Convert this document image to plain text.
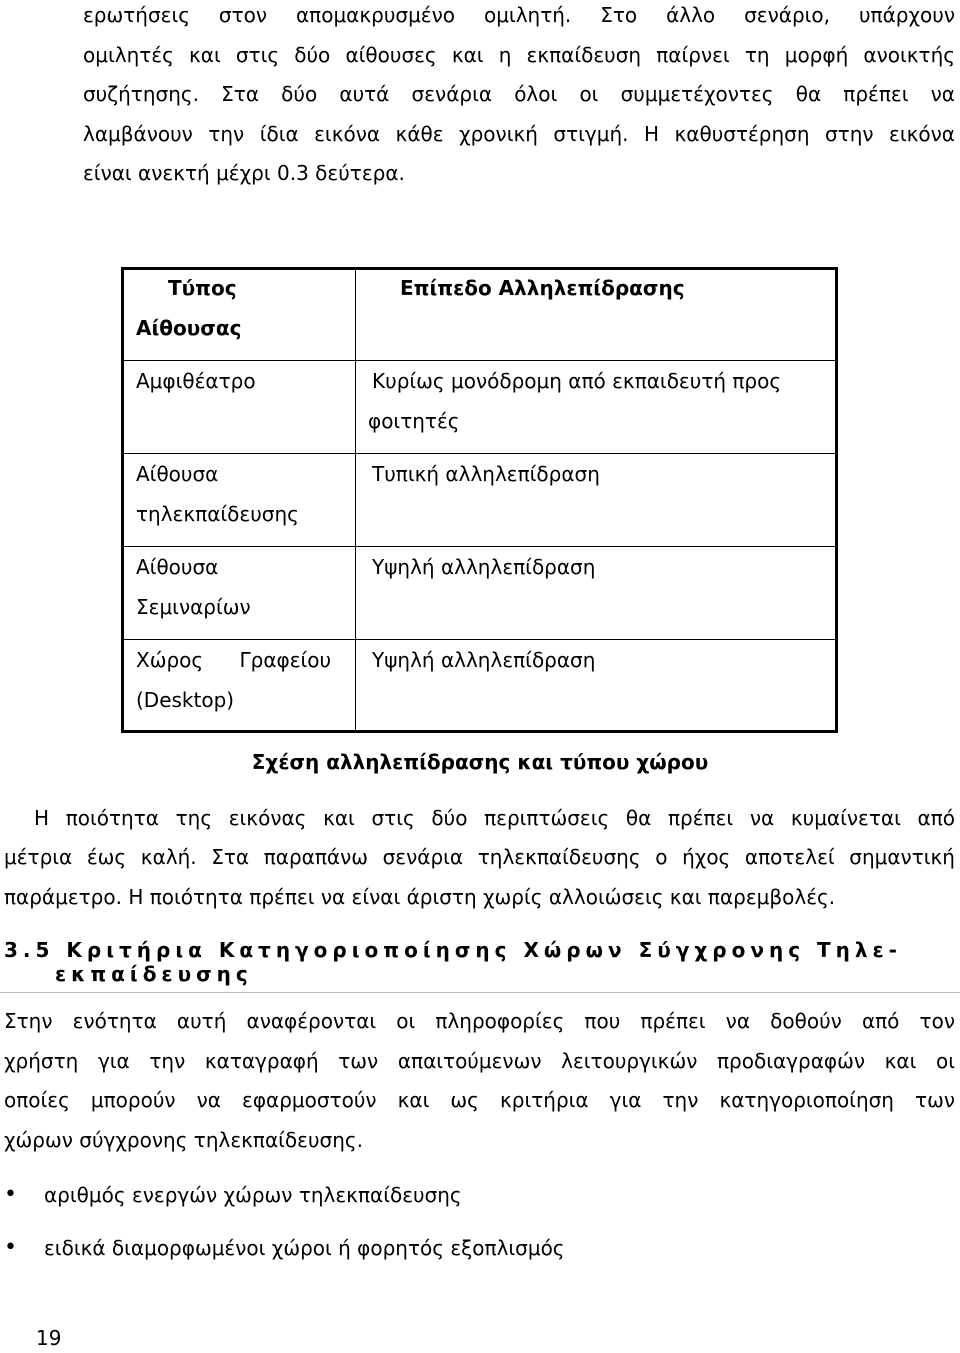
ερωτήσεις στον απομακρυσμένο ομιλητή. Στο άλλο σενάριο, υπάρχουν
ομιλητές και στις δύο αίθουσες και η εκπαίδευση παίρνει τη μορφή ανοικτής
συζήτησης. Στα δύο αυτά σενάρια όλοι οι συμμετέχοντες θα πρέπει να
λαμβάνουν την ίδια εικόνα κάθε χρονική στιγμή. Η καθυστέρηση στην εικόνα
είναι ανεκτή μέχρι 0.3 δεύτερα.
Τύπος
Αίθουσας	Επίπεδο Αλληλεπίδρασης

Αμφιθέατρο	Κυρίως μονόδρομη από εκπαιδευτή προς
φοιτητές

Αίθουσα
τηλεκπαίδευσης	Τυπική αλληλεπίδραση

Αίθουσα
Σεμιναρίων	Υψηλή αλληλεπίδραση

Χώρος Γραφείου
(Desktop)	Υψηλή αλληλεπίδραση
Σχέση αλληλεπίδρασης και τύπου χώρου
Η ποιότητα της εικόνας και στις δύο περιπτώσεις θα πρέπει να κυμαίνεται από
μέτρια έως καλή. Στα παραπάνω σενάρια τηλεκπαίδευσης ο ήχος αποτελεί σημαντική
παράμετρο. Η ποιότητα πρέπει να είναι άριστη χωρίς αλλοιώσεις και παρεμβολές.
3.5 Κριτήρια Κατηγοριοποίησης Χώρων Σύγχρονης Τηλε-
εκπαίδευσης
Στην ενότητα αυτή αναφέρονται οι πληροφορίες που πρέπει να δοθούν από τον
χρήστη για την καταγραφή των απαιτούμενων λειτουργικών προδιαγραφών και οι
οποίες μπορούν να εφαρμοστούν και ως κριτήρια για την κατηγοριοποίηση των
χώρων σύγχρονης τηλεκπαίδευσης.
• αριθμός ενεργών χώρων τηλεκπαίδευσης
• ειδικά διαμορφωμένοι χώροι ή φορητός εξοπλισμός
19
